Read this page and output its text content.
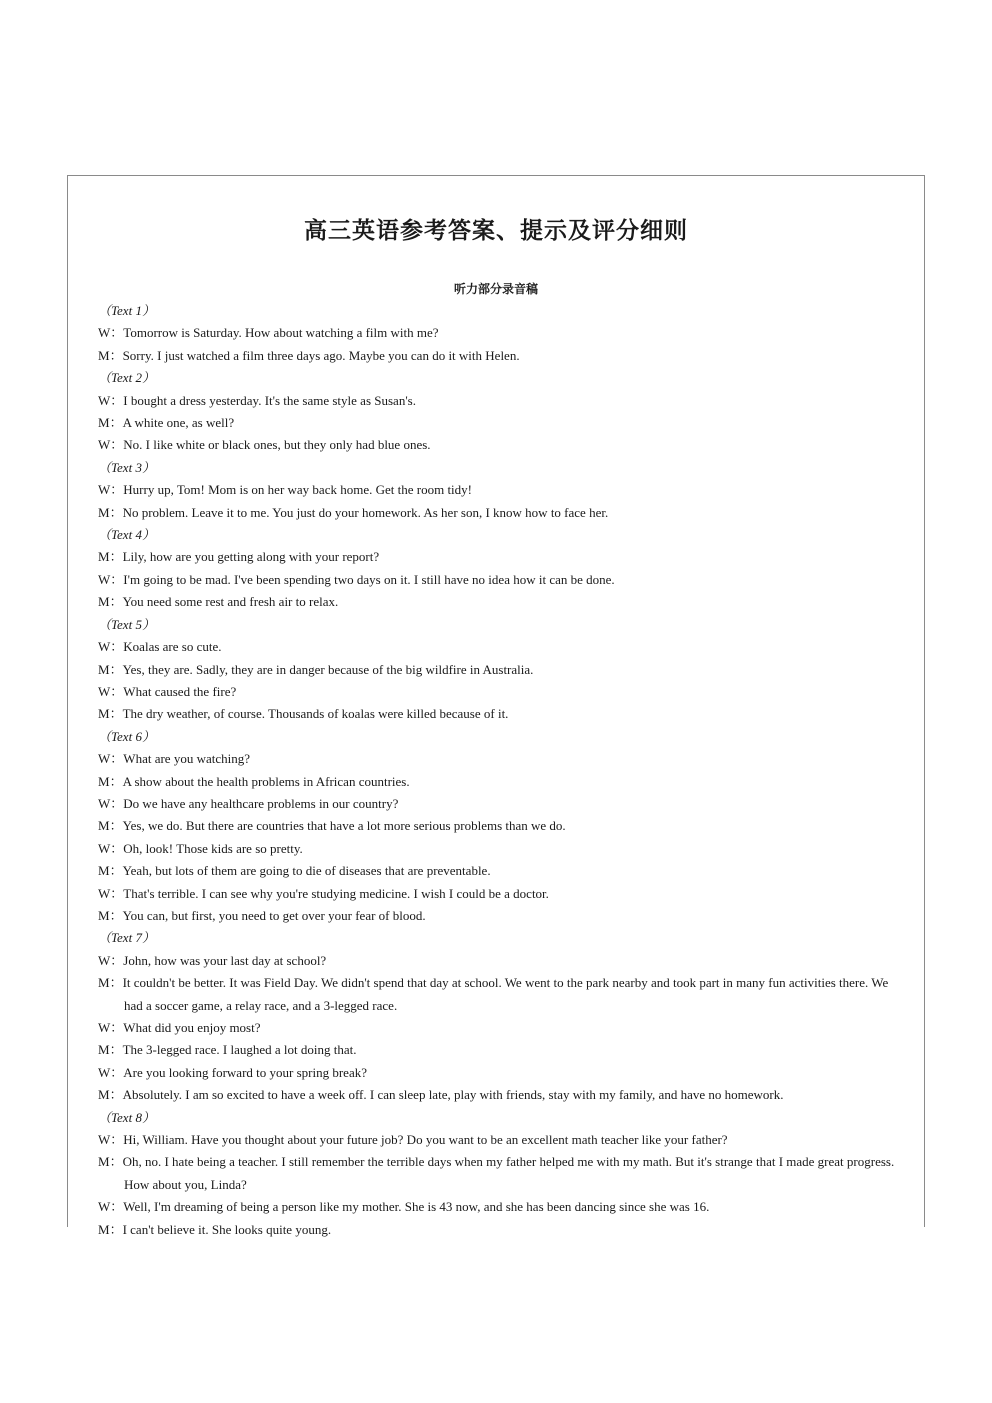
高三英语参考答案、提示及评分细则
听力部分录音稿
（Text 1）
W：Tomorrow is Saturday. How about watching a film with me?
M：Sorry. I just watched a film three days ago. Maybe you can do it with Helen.
（Text 2）
W：I bought a dress yesterday. It's the same style as Susan's.
M：A white one, as well?
W：No. I like white or black ones, but they only had blue ones.
（Text 3）
W：Hurry up, Tom! Mom is on her way back home. Get the room tidy!
M：No problem. Leave it to me. You just do your homework. As her son, I know how to face her.
（Text 4）
M：Lily, how are you getting along with your report?
W：I'm going to be mad. I've been spending two days on it. I still have no idea how it can be done.
M：You need some rest and fresh air to relax.
（Text 5）
W：Koalas are so cute.
M：Yes, they are. Sadly, they are in danger because of the big wildfire in Australia.
W：What caused the fire?
M：The dry weather, of course. Thousands of koalas were killed because of it.
（Text 6）
W：What are you watching?
M：A show about the health problems in African countries.
W：Do we have any healthcare problems in our country?
M：Yes, we do. But there are countries that have a lot more serious problems than we do.
W：Oh, look! Those kids are so pretty.
M：Yeah, but lots of them are going to die of diseases that are preventable.
W：That's terrible. I can see why you're studying medicine. I wish I could be a doctor.
M：You can, but first, you need to get over your fear of blood.
（Text 7）
W：John, how was your last day at school?
M：It couldn't be better. It was Field Day. We didn't spend that day at school. We went to the park nearby and took part in many fun activities there. We had a soccer game, a relay race, and a 3-legged race.
W：What did you enjoy most?
M：The 3-legged race. I laughed a lot doing that.
W：Are you looking forward to your spring break?
M：Absolutely. I am so excited to have a week off. I can sleep late, play with friends, stay with my family, and have no homework.
（Text 8）
W：Hi, William. Have you thought about your future job? Do you want to be an excellent math teacher like your father?
M：Oh, no. I hate being a teacher. I still remember the terrible days when my father helped me with my math. But it's strange that I made great progress. How about you, Linda?
W：Well, I'm dreaming of being a person like my mother. She is 43 now, and she has been dancing since she was 16.
M：I can't believe it. She looks quite young.
